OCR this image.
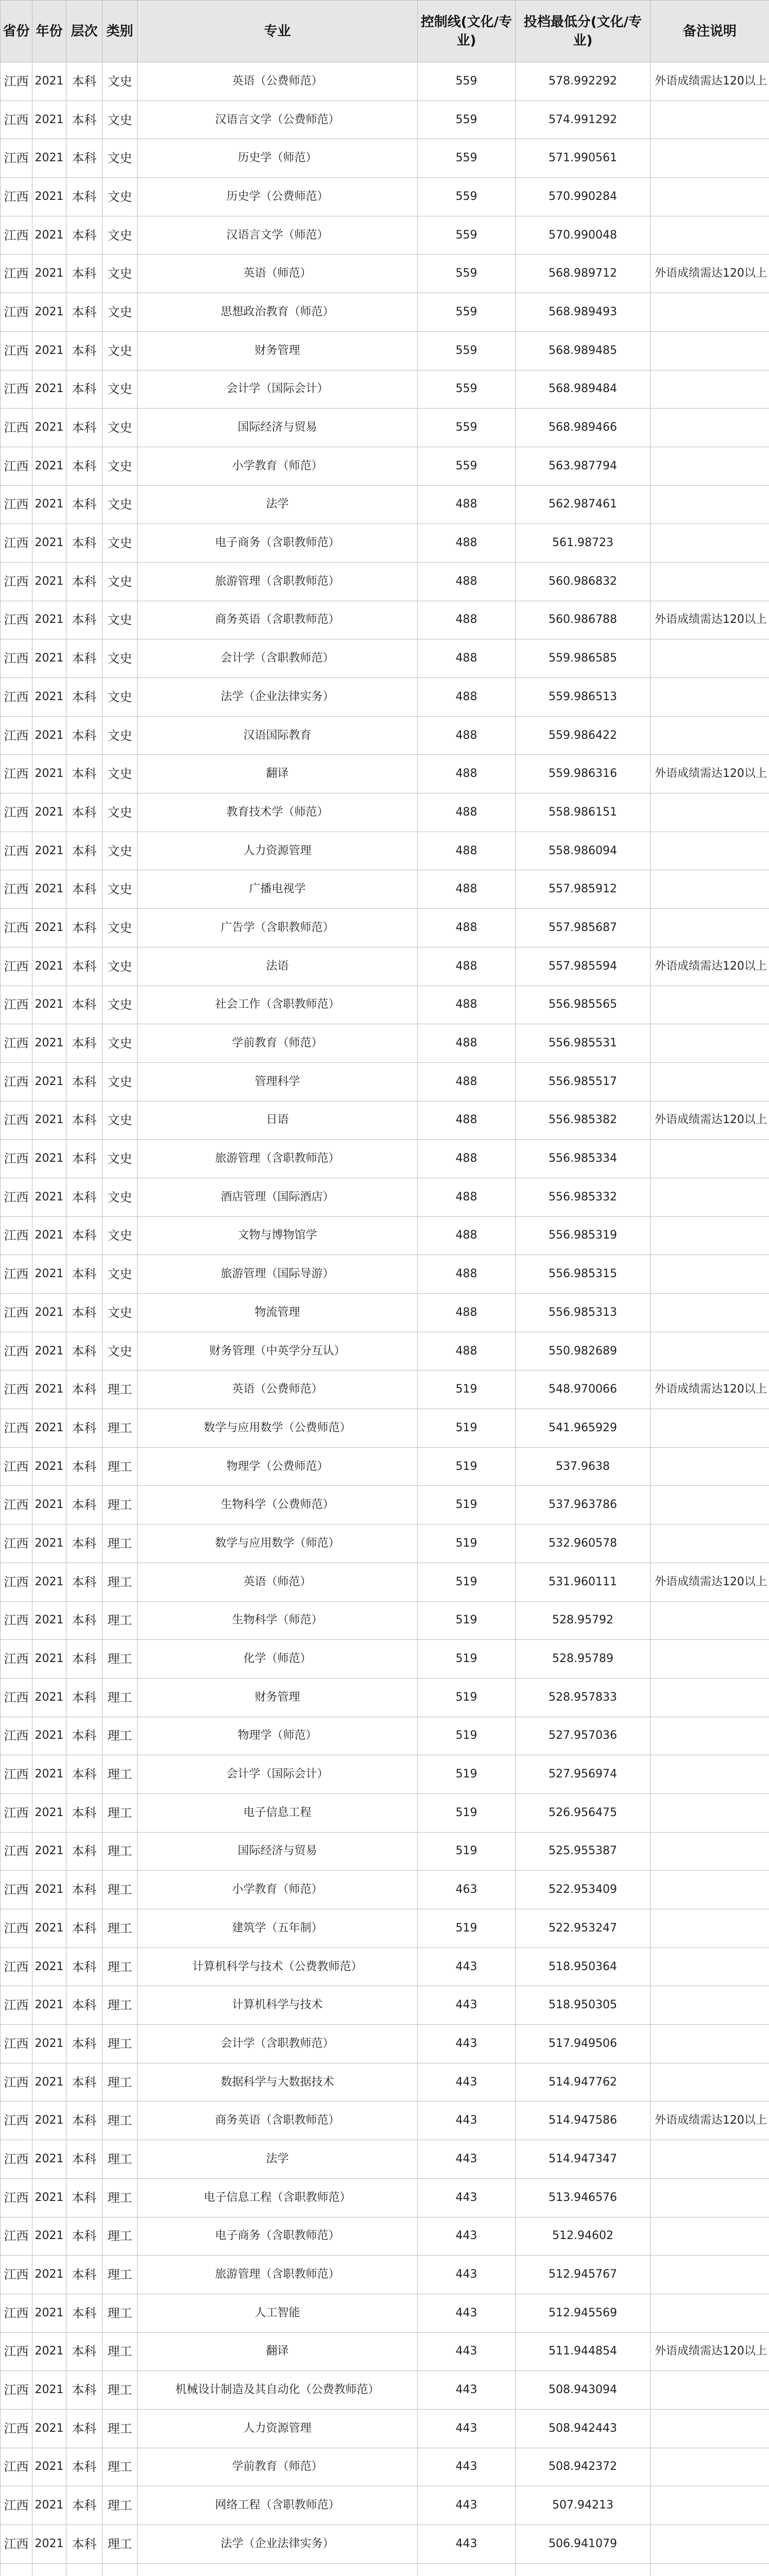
省份	年份	层次	类别	专业	控制线(文化/专业)	投档最低分(文化/专业)	备注说明
江西	2021	本科	文史	英语（公费师范）	559	578.992292	外语成绩需达120以上
江西	2021	本科	文史	汉语言文学（公费师范）	559	574.991292	
江西	2021	本科	文史	历史学（师范）	559	571.990561	
江西	2021	本科	文史	历史学（公费师范）	559	570.990284	
江西	2021	本科	文史	汉语言文学（师范）	559	570.990048	
江西	2021	本科	文史	英语（师范）	559	568.989712	外语成绩需达120以上
江西	2021	本科	文史	思想政治教育（师范）	559	568.989493	
江西	2021	本科	文史	财务管理	559	568.989485	
江西	2021	本科	文史	会计学（国际会计）	559	568.989484	
江西	2021	本科	文史	国际经济与贸易	559	568.989466	
江西	2021	本科	文史	小学教育（师范）	559	563.987794	
江西	2021	本科	文史	法学	488	562.987461	
江西	2021	本科	文史	电子商务（含职教师范）	488	561.98723	
江西	2021	本科	文史	旅游管理（含职教师范）	488	560.986832	
江西	2021	本科	文史	商务英语（含职教师范）	488	560.986788	外语成绩需达120以上
江西	2021	本科	文史	会计学（含职教师范）	488	559.986585	
江西	2021	本科	文史	法学（企业法律实务）	488	559.986513	
江西	2021	本科	文史	汉语国际教育	488	559.986422	
江西	2021	本科	文史	翻译	488	559.986316	外语成绩需达120以上
江西	2021	本科	文史	教育技术学（师范）	488	558.986151	
江西	2021	本科	文史	人力资源管理	488	558.986094	
江西	2021	本科	文史	广播电视学	488	557.985912	
江西	2021	本科	文史	广告学（含职教师范）	488	557.985687	
江西	2021	本科	文史	法语	488	557.985594	外语成绩需达120以上
江西	2021	本科	文史	社会工作（含职教师范）	488	556.985565	
江西	2021	本科	文史	学前教育（师范）	488	556.985531	
江西	2021	本科	文史	管理科学	488	556.985517	
江西	2021	本科	文史	日语	488	556.985382	外语成绩需达120以上
江西	2021	本科	文史	旅游管理（含职教师范）	488	556.985334	
江西	2021	本科	文史	酒店管理（国际酒店）	488	556.985332	
江西	2021	本科	文史	文物与博物馆学	488	556.985319	
江西	2021	本科	文史	旅游管理（国际导游）	488	556.985315	
江西	2021	本科	文史	物流管理	488	556.985313	
江西	2021	本科	文史	财务管理（中英学分互认）	488	550.982689	
江西	2021	本科	理工	英语（公费师范）	519	548.970066	外语成绩需达120以上
江西	2021	本科	理工	数学与应用数学（公费师范）	519	541.965929	
江西	2021	本科	理工	物理学（公费师范）	519	537.9638	
江西	2021	本科	理工	生物科学（公费师范）	519	537.963786	
江西	2021	本科	理工	数学与应用数学（师范）	519	532.960578	
江西	2021	本科	理工	英语（师范）	519	531.960111	外语成绩需达120以上
江西	2021	本科	理工	生物科学（师范）	519	528.95792	
江西	2021	本科	理工	化学（师范）	519	528.95789	
江西	2021	本科	理工	财务管理	519	528.957833	
江西	2021	本科	理工	物理学（师范）	519	527.957036	
江西	2021	本科	理工	会计学（国际会计）	519	527.956974	
江西	2021	本科	理工	电子信息工程	519	526.956475	
江西	2021	本科	理工	国际经济与贸易	519	525.955387	
江西	2021	本科	理工	小学教育（师范）	463	522.953409	
江西	2021	本科	理工	建筑学（五年制）	519	522.953247	
江西	2021	本科	理工	计算机科学与技术（公费教师范）	443	518.950364	
江西	2021	本科	理工	计算机科学与技术	443	518.950305	
江西	2021	本科	理工	会计学（含职教师范）	443	517.949506	
江西	2021	本科	理工	数据科学与大数据技术	443	514.947762	
江西	2021	本科	理工	商务英语（含职教师范）	443	514.947586	外语成绩需达120以上
江西	2021	本科	理工	法学	443	514.947347	
江西	2021	本科	理工	电子信息工程（含职教师范）	443	513.946576	
江西	2021	本科	理工	电子商务（含职教师范）	443	512.94602	
江西	2021	本科	理工	旅游管理（含职教师范）	443	512.945767	
江西	2021	本科	理工	人工智能	443	512.945569	
江西	2021	本科	理工	翻译	443	511.944854	外语成绩需达120以上
江西	2021	本科	理工	机械设计制造及其自动化（公费教师范）	443	508.943094	
江西	2021	本科	理工	人力资源管理	443	508.942443	
江西	2021	本科	理工	学前教育（师范）	443	508.942372	
江西	2021	本科	理工	网络工程（含职教师范）	443	507.94213	
江西	2021	本科	理工	法学（企业法律实务）	443	506.941079	
